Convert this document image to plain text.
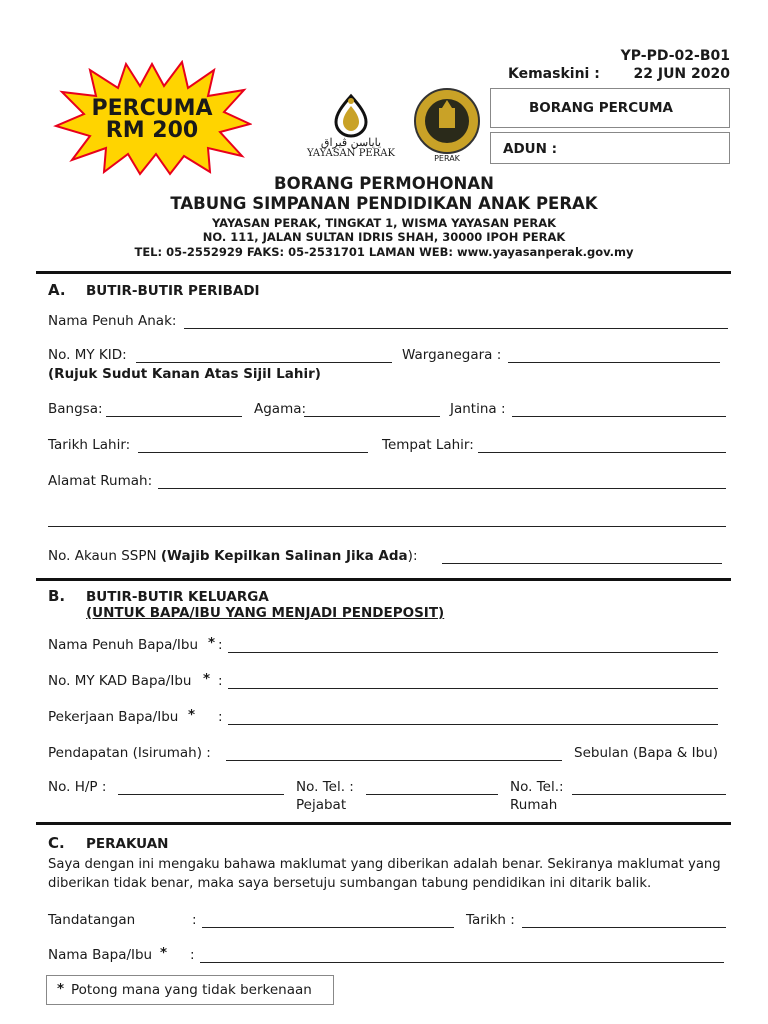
YP-PD-02-B01
Kemaskini : 22 JUN 2020
PERCUMA
RM 200	ياياسن ڤيراق
YAYASAN PERAK	PERAK
BORANG PERCUMA
ADUN :
BORANG PERMOHONAN
TABUNG SIMPANAN PENDIDIKAN ANAK PERAK
YAYASAN PERAK, TINGKAT 1, WISMA YAYASAN PERAK
NO. 111, JALAN SULTAN IDRIS SHAH, 30000 IPOH PERAK
TEL: 05-2552929 FAKS: 05-2531701 LAMAN WEB: www.yayasanperak.gov.my
A. BUTIR-BUTIR PERIBADI
Nama Penuh Anak:
No. MY KID:	Warganegara :
(Rujuk Sudut Kanan Atas Sijil Lahir)
Bangsa:	Agama:	Jantina :
Tarikh Lahir:	Tempat Lahir:
Alamat Rumah:
No. Akaun SSPN (Wajib Kepilkan Salinan Jika Ada):
B. BUTIR-BUTIR KELUARGA
(UNTUK BAPA/IBU YANG MENJADI PENDEPOSIT)
Nama Penuh Bapa/Ibu * :
No. MY KAD Bapa/Ibu * :
Pekerjaan Bapa/Ibu * :
Pendapatan (Isirumah) :	Sebulan (Bapa & Ibu)
No. H/P :	No. Tel. :
Pejabat
No. Tel.:
Rumah
C. PERAKUAN
Saya dengan ini mengaku bahawa maklumat yang diberikan adalah benar. Sekiranya maklumat yang
diberikan tidak benar, maka saya bersetuju sumbangan tabung pendidikan ini ditarik balik.
Tandatangan	:	Tarikh :
Nama Bapa/Ibu * :
* Potong mana yang tidak berkenaan
